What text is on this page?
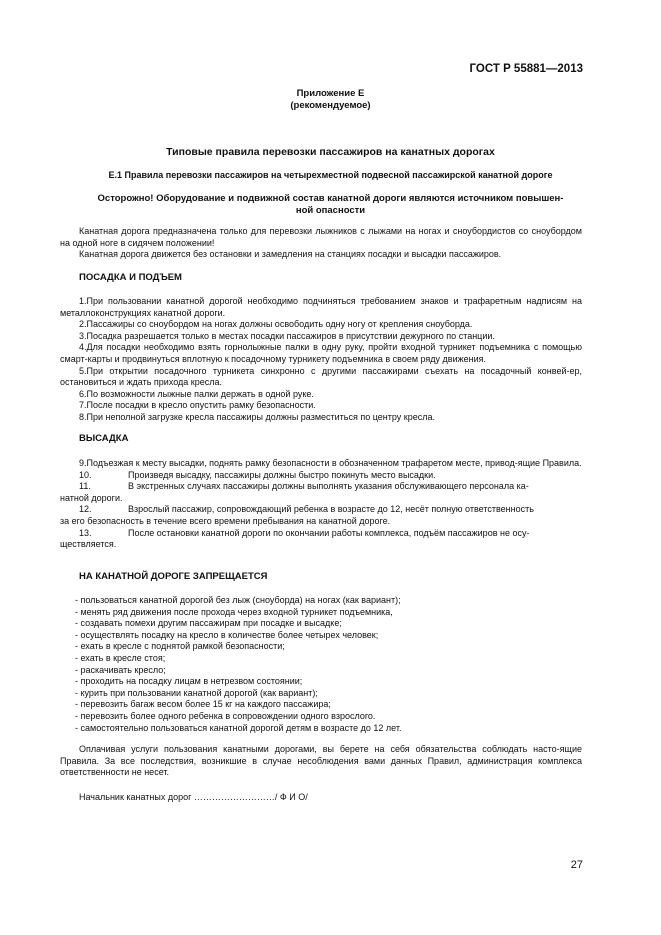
ГОСТ Р 55881—2013
Приложение Е
(рекомендуемое)
Типовые правила перевозки пассажиров на канатных дорогах
Е.1 Правила перевозки пассажиров на четырехместной подвесной пассажирской канатной дороге
Осторожно! Оборудование и подвижной состав канатной дороги являются источником повышен-
ной опасности

Канатная дорога предназначена только для перевозки лыжников с лыжами на ногах и сноубордистов со сноубордом на одной ноге в сидячем положении!

Канатная дорога движется без остановки и замедления на станциях посадки и высадки пассажиров.

ПОСАДКА И ПОДЪЕМ

1.При пользовании канатной дорогой необходимо подчиняться требованием знаков и трафаретным надписям на металлоконструкциях канатной дороги.

2.Пассажиры со сноубордом на ногах должны освободить одну ногу от крепления сноуборда.

3.Посадка разрешается только в местах посадки пассажиров в присутствии дежурного по станции.

4.Для посадки необходимо взять горнолыжные палки в одну руку, пройти входной турникет подъемника с помощью смарт-карты и продвинуться вплотную к посадочному турникету подъемника в своем ряду движения.

5.При открытии посадочного турникета синхронно с другими пассажирами съехать на посадочный конвей-ер, остановиться и ждать прихода кресла.

6.По возможности лыжные палки держать в одной руке.

7.После посадки в кресло опустить рамку безопасности.

8.При неполной загрузке кресла пассажиры должны разместиться по центру кресла.

ВЫСАДКА

9.Подъезжая к месту высадки, поднять рамку безопасности в обозначенном трафаретом месте, привод-ящие Правила.

10.	Произведя высадку, пассажиры должны быстро покинуть место высадки.
11.	В экстренных случаях пассажиры должны выполнять указания обслуживающего персонала ка-

натной дороги.

12.	Взрослый пассажир, сопровождающий ребенка в возрасте до 12, несёт полную ответственность

за его безопасность в течение всего времени пребывания на канатной дороге.

13.	После остановки канатной дороги по окончании работы комплекса, подъём пассажиров не осу-

ществляется.

НА КАНАТНОЙ ДОРОГЕ ЗАПРЕЩАЕТСЯ
- пользоваться канатной дорогой без лыж (сноуборда) на ногах (как вариант);
- менять ряд движения после прохода через входной турникет подъемника,
- создавать помехи другим пассажирам при посадке и высадке;
- осуществлять посадку на кресло в количестве более четырех человек;
- ехать в кресле с поднятой рамкой безопасности;
- ехать в кресле стоя;
- раскачивать кресло;
- проходить на посадку лицам в нетрезвом состоянии;
- курить при пользовании канатной дорогой (как вариант);
- перевозить багаж весом более 15 кг на каждого пассажира;
- перевозить более одного ребенка в сопровождении одного взрослого.
- самостоятельно пользоваться канатной дорогой детям в возрасте до 12 лет.

Оплачивая услуги пользования канатными дорогами, вы берете на себя обязательства соблюдать насто-ящие Правила. За все последствия, возникшие в случае несоблюдения вами данных Правил, администрация комплекса ответственности не несет.

Начальник канатных дорог ………………………/ Ф И О/
27
